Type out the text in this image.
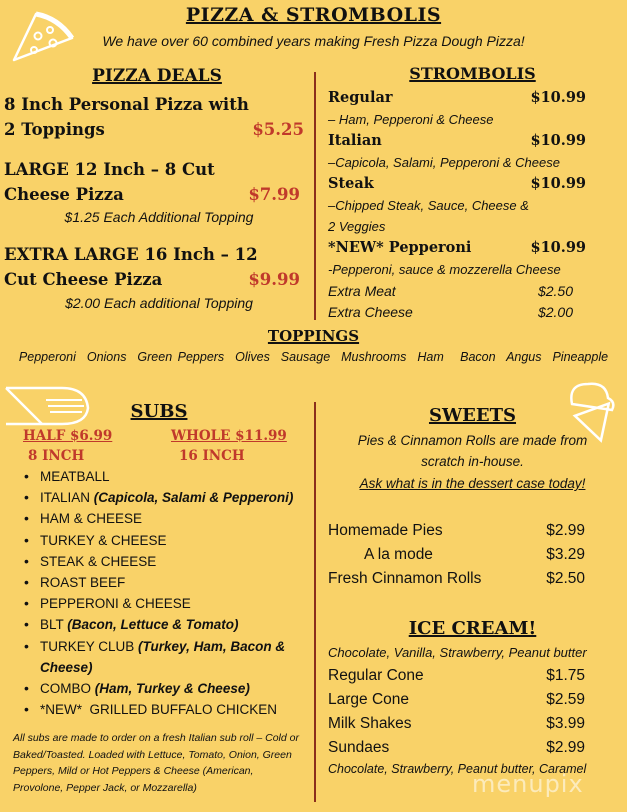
PIZZA & STROMBOLIS
We have over 60 combined years making Fresh Pizza Dough Pizza!
PIZZA DEALS
8 Inch Personal Pizza with
2 Toppings	$5.25
LARGE 12 Inch – 8 Cut
Cheese Pizza	$7.99
$1.25 Each Additional Topping
EXTRA LARGE 16 Inch – 12
Cut Cheese Pizza	$9.99
$2.00 Each additional Topping
STROMBOLIS
Regular	$10.99
– Ham, Pepperoni & Cheese
Italian	$10.99
–Capicola, Salami, Pepperoni & Cheese
Steak	$10.99
–Chipped Steak, Sauce, Cheese &
2 Veggies
*NEW* Pepperoni	$10.99
-Pepperoni, sauce & mozzerella Cheese
Extra Meat	$2.50
Extra Cheese	$2.00
TOPPINGS
Pepperoni  Onions  Green Peppers  Olives  Sausage  Mushrooms  Ham   Bacon  Angus  Pineapple
SUBS
HALF $6.99	WHOLE $11.99
8 INCH	16 INCH
• MEATBALL
• ITALIAN (Capicola, Salami & Pepperoni)
• HAM & CHEESE
• TURKEY & CHEESE
• STEAK & CHEESE
• ROAST BEEF
• PEPPERONI & CHEESE
• BLT (Bacon, Lettuce & Tomato)
• TURKEY CLUB (Turkey, Ham, Bacon & Cheese)
• COMBO (Ham, Turkey & Cheese)
• *NEW*  GRILLED BUFFALO CHICKEN
All subs are made to order on a fresh Italian sub roll – Cold or Baked/Toasted. Loaded with Lettuce, Tomato, Onion, Green Peppers, Mild or Hot Peppers & Cheese (American, Provolone, Pepper Jack, or Mozzarella)
SWEETS
Pies & Cinnamon Rolls are made from
scratch in-house.
Ask what is in the dessert case today!
Homemade Pies	$2.99
A la mode	$3.29
Fresh Cinnamon Rolls	$2.50
ICE CREAM!
Chocolate, Vanilla, Strawberry, Peanut butter
Regular Cone	$1.75
Large Cone	$2.59
Milk Shakes	$3.99
Sundaes	$2.99
Chocolate, Strawberry, Peanut butter, Caramel
menupix
